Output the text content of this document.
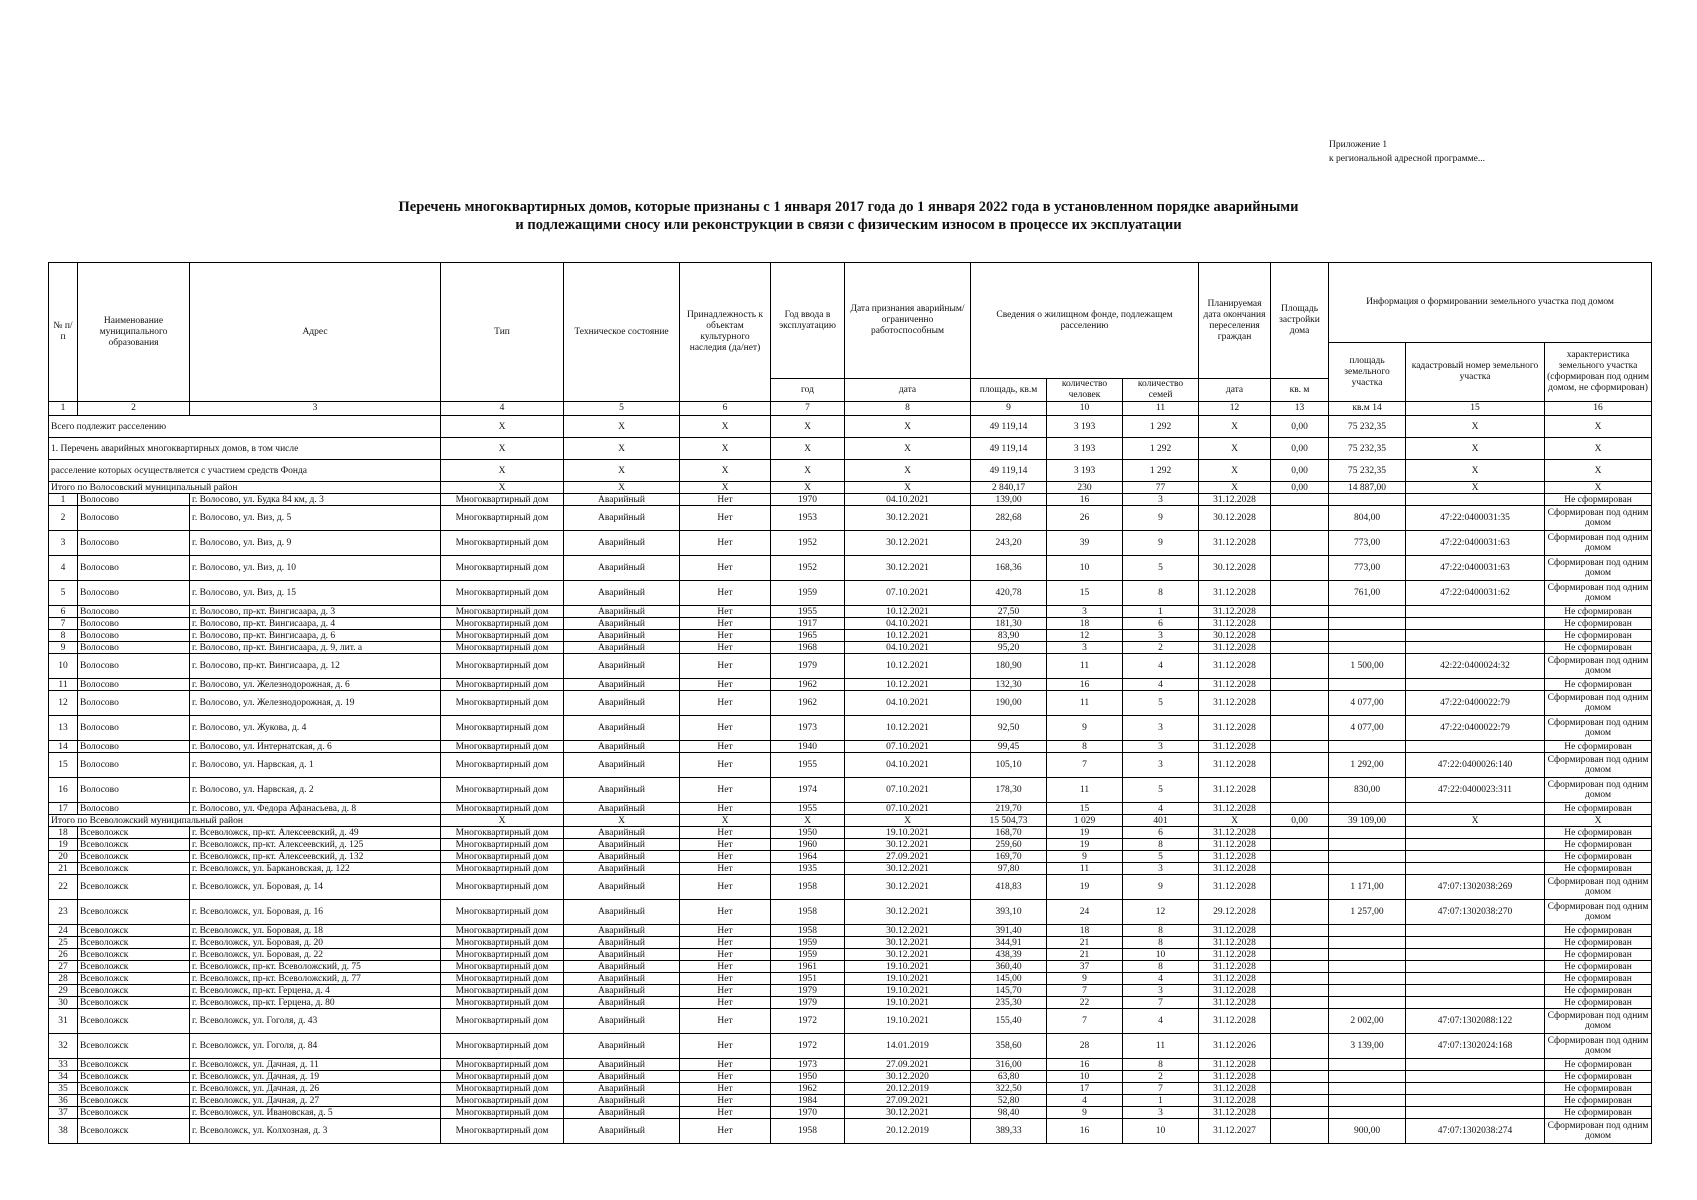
Приложение 1
к региональной адресной программе...
Перечень многоквартирных домов, которые признаны с 1 января 2017 года до 1 января 2022 года в установленном порядке аварийными
и подлежащими сносу или реконструкции в связи с физическим износом в процессе их эксплуатации
№ п/п	Наименование муниципального образования	Адрес	Тип	Техническое состояние	Принадлежность к объектам культурного наследия (да/нет)	Год ввода в эксплуатацию	Дата признания аварийным/ограниченно работоспособным	Сведения о жилищном фонде, подлежащем расселению			Планируемая дата окончания переселения граждан	Площадь застройки дома	Информация о формировании земельного участка под домом		
													площадь земельного участка	кадастровый номер земельного участка	характеристика земельного участка (сформирован под одним домом, не сформирован)
						год	дата	площадь, кв.м	количество человек	количество семей	дата	кв. м			
1	2	3	4	5	6	7	8	9	10	11	12	13	кв.м 14	15	16
Всего подлежит расселению			X	X	X	X	X	49 119,14	3 193	1 292	X	0,00	75 232,35	X	X
1. Перечень аварийных многоквартирных домов, в том числе			X	X	X	X	X	49 119,14	3 193	1 292	X	0,00	75 232,35	X	X
расселение которых осуществляется с участием средств Фонда			X	X	X	X	X	49 119,14	3 193	1 292	X	0,00	75 232,35	X	X
Итого по Волосовский муниципальный район			X	X	X	X	X	2 840,17	230	77	X	0,00	14 887,00	X	X
1	Волосово	г. Волосово, ул. Будка 84 км, д. 3	Многоквартирный дом	Аварийный	Нет	1970	04.10.2021	139,00	16	3	31.12.2028				Не сформирован
2	Волосово	г. Волосово, ул. Виз, д. 5	Многоквартирный дом	Аварийный	Нет	1953	30.12.2021	282,68	26	9	30.12.2028		804,00	47:22:0400031:35	Сформирован под одним домом
3	Волосово	г. Волосово, ул. Виз, д. 9	Многоквартирный дом	Аварийный	Нет	1952	30.12.2021	243,20	39	9	31.12.2028		773,00	47:22:0400031:63	Сформирован под одним домом
4	Волосово	г. Волосово, ул. Виз, д. 10	Многоквартирный дом	Аварийный	Нет	1952	30.12.2021	168,36	10	5	30.12.2028		773,00	47:22:0400031:63	Сформирован под одним домом
5	Волосово	г. Волосово, ул. Виз, д. 15	Многоквартирный дом	Аварийный	Нет	1959	07.10.2021	420,78	15	8	31.12.2028		761,00	47:22:0400031:62	Сформирован под одним домом
6	Волосово	г. Волосово, пр-кт. Вингисаара, д. 3	Многоквартирный дом	Аварийный	Нет	1955	10.12.2021	27,50	3	1	31.12.2028				Не сформирован
7	Волосово	г. Волосово, пр-кт. Вингисаара, д. 4	Многоквартирный дом	Аварийный	Нет	1917	04.10.2021	181,30	18	6	31.12.2028				Не сформирован
8	Волосово	г. Волосово, пр-кт. Вингисаара, д. 6	Многоквартирный дом	Аварийный	Нет	1965	10.12.2021	83,90	12	3	30.12.2028				Не сформирован
9	Волосово	г. Волосово, пр-кт. Вингисаара, д. 9, лит. а	Многоквартирный дом	Аварийный	Нет	1968	04.10.2021	95,20	3	2	31.12.2028				Не сформирован
10	Волосово	г. Волосово, пр-кт. Вингисаара, д. 12	Многоквартирный дом	Аварийный	Нет	1979	10.12.2021	180,90	11	4	31.12.2028		1 500,00	42:22:0400024:32	Сформирован под одним домом
11	Волосово	г. Волосово, ул. Железнодорожная, д. 6	Многоквартирный дом	Аварийный	Нет	1962	10.12.2021	132,30	16	4	31.12.2028				Не сформирован
12	Волосово	г. Волосово, ул. Железнодорожная, д. 19	Многоквартирный дом	Аварийный	Нет	1962	04.10.2021	190,00	11	5	31.12.2028		4 077,00	47:22:0400022:79	Сформирован под одним домом
13	Волосово	г. Волосово, ул. Жукова, д. 4	Многоквартирный дом	Аварийный	Нет	1973	10.12.2021	92,50	9	3	31.12.2028		4 077,00	47:22:0400022:79	Сформирован под одним домом
14	Волосово	г. Волосово, ул. Интернатская, д. 6	Многоквартирный дом	Аварийный	Нет	1940	07.10.2021	99,45	8	3	31.12.2028				Не сформирован
15	Волосово	г. Волосово, ул. Нарвская, д. 1	Многоквартирный дом	Аварийный	Нет	1955	04.10.2021	105,10	7	3	31.12.2028		1 292,00	47:22:0400026:140	Сформирован под одним домом
16	Волосово	г. Волосово, ул. Нарвская, д. 2	Многоквартирный дом	Аварийный	Нет	1974	07.10.2021	178,30	11	5	31.12.2028		830,00	47:22:0400023:311	Сформирован под одним домом
17	Волосово	г. Волосово, ул. Федора Афанасьева, д. 8	Многоквартирный дом	Аварийный	Нет	1955	07.10.2021	219,70	15	4	31.12.2028				Не сформирован
Итого по Всеволожский муниципальный район			X	X	X	X	X	15 504,73	1 029	401	X	0,00	39 109,00	X	X
18	Всеволожск	г. Всеволожск, пр-кт. Алексеевский, д. 49	Многоквартирный дом	Аварийный	Нет	1950	19.10.2021	168,70	19	6	31.12.2028				Не сформирован
19	Всеволожск	г. Всеволожск, пр-кт. Алексеевский, д. 125	Многоквартирный дом	Аварийный	Нет	1960	30.12.2021	259,60	19	8	31.12.2028				Не сформирован
20	Всеволожск	г. Всеволожск, пр-кт. Алексеевский, д. 132	Многоквартирный дом	Аварийный	Нет	1964	27.09.2021	169,70	9	5	31.12.2028				Не сформирован
21	Всеволожск	г. Всеволожск, ул. Баркановская, д. 122	Многоквартирный дом	Аварийный	Нет	1935	30.12.2021	97,80	11	3	31.12.2028				Не сформирован
22	Всеволожск	г. Всеволожск, ул. Боровая, д. 14	Многоквартирный дом	Аварийный	Нет	1958	30.12.2021	418,83	19	9	31.12.2028		1 171,00	47:07:1302038:269	Сформирован под одним домом
23	Всеволожск	г. Всеволожск, ул. Боровая, д. 16	Многоквартирный дом	Аварийный	Нет	1958	30.12.2021	393,10	24	12	29.12.2028		1 257,00	47:07:1302038:270	Сформирован под одним домом
24	Всеволожск	г. Всеволожск, ул. Боровая, д. 18	Многоквартирный дом	Аварийный	Нет	1958	30.12.2021	391,40	18	8	31.12.2028				Не сформирован
25	Всеволожск	г. Всеволожск, ул. Боровая, д. 20	Многоквартирный дом	Аварийный	Нет	1959	30.12.2021	344,91	21	8	31.12.2028				Не сформирован
26	Всеволожск	г. Всеволожск, ул. Боровая, д. 22	Многоквартирный дом	Аварийный	Нет	1959	30.12.2021	438,39	21	10	31.12.2028				Не сформирован
27	Всеволожск	г. Всеволожск, пр-кт. Всеволожский, д. 75	Многоквартирный дом	Аварийный	Нет	1961	19.10.2021	360,40	37	8	31.12.2028				Не сформирован
28	Всеволожск	г. Всеволожск, пр-кт. Всеволожский, д. 77	Многоквартирный дом	Аварийный	Нет	1951	19.10.2021	145,00	9	4	31.12.2028				Не сформирован
29	Всеволожск	г. Всеволожск, пр-кт. Герцена, д. 4	Многоквартирный дом	Аварийный	Нет	1979	19.10.2021	145,70	7	3	31.12.2028				Не сформирован
30	Всеволожск	г. Всеволожск, пр-кт. Герцена, д. 80	Многоквартирный дом	Аварийный	Нет	1979	19.10.2021	235,30	22	7	31.12.2028				Не сформирован
31	Всеволожск	г. Всеволожск, ул. Гоголя, д. 43	Многоквартирный дом	Аварийный	Нет	1972	19.10.2021	155,40	7	4	31.12.2028		2 002,00	47:07:1302088:122	Сформирован под одним домом
32	Всеволожск	г. Всеволожск, ул. Гоголя, д. 84	Многоквартирный дом	Аварийный	Нет	1972	14.01.2019	358,60	28	11	31.12.2026		3 139,00	47:07:1302024:168	Сформирован под одним домом
33	Всеволожск	г. Всеволожск, ул. Дачная, д. 11	Многоквартирный дом	Аварийный	Нет	1973	27.09.2021	316,00	16	8	31.12.2028				Не сформирован
34	Всеволожск	г. Всеволожск, ул. Дачная, д. 19	Многоквартирный дом	Аварийный	Нет	1950	30.12.2020	63,80	10	2	31.12.2028				Не сформирован
35	Всеволожск	г. Всеволожск, ул. Дачная, д. 26	Многоквартирный дом	Аварийный	Нет	1962	20.12.2019	322,50	17	7	31.12.2028				Не сформирован
36	Всеволожск	г. Всеволожск, ул. Дачная, д. 27	Многоквартирный дом	Аварийный	Нет	1984	27.09.2021	52,80	4	1	31.12.2028				Не сформирован
37	Всеволожск	г. Всеволожск, ул. Ивановская, д. 5	Многоквартирный дом	Аварийный	Нет	1970	30.12.2021	98,40	9	3	31.12.2028				Не сформирован
38	Всеволожск	г. Всеволожск, ул. Колхозная, д. 3	Многоквартирный дом	Аварийный	Нет	1958	20.12.2019	389,33	16	10	31.12.2027		900,00	47:07:1302038:274	Сформирован под одним домом
